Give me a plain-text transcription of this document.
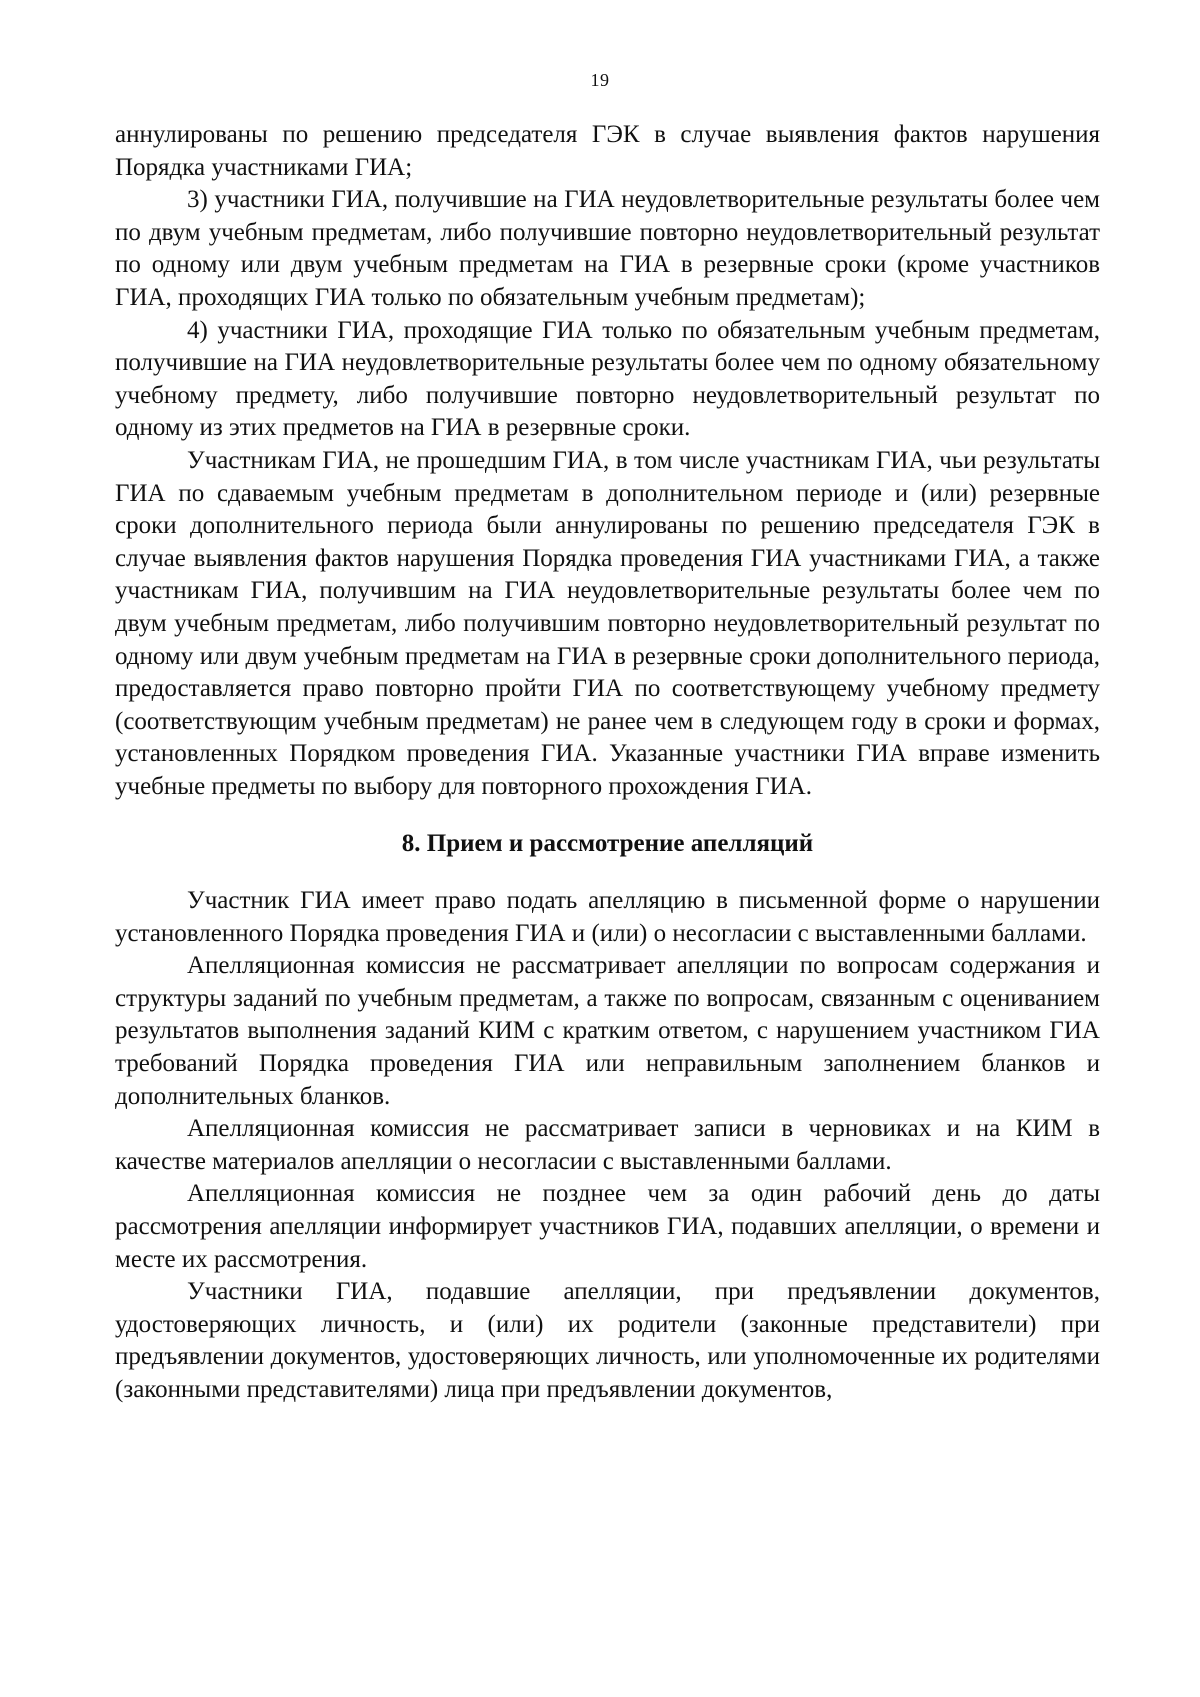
19

аннулированы по решению председателя ГЭК в случае выявления фактов нарушения Порядка участниками ГИА;

3) участники ГИА, получившие на ГИА неудовлетворительные результаты более чем по двум учебным предметам, либо получившие повторно неудовлетворительный результат по одному или двум учебным предметам на ГИА в резервные сроки (кроме участников ГИА, проходящих ГИА только по обязательным учебным предметам);

4) участники ГИА, проходящие ГИА только по обязательным учебным предметам, получившие на ГИА неудовлетворительные результаты более чем по одному обязательному учебному предмету, либо получившие повторно неудовлетворительный результат по одному из этих предметов на ГИА в резервные сроки.

Участникам ГИА, не прошедшим ГИА, в том числе участникам ГИА, чьи результаты ГИА по сдаваемым учебным предметам в дополнительном периоде и (или) резервные сроки дополнительного периода были аннулированы по решению председателя ГЭК в случае выявления фактов нарушения Порядка проведения ГИА участниками ГИА, а также участникам ГИА, получившим на ГИА неудовлетворительные результаты более чем по двум учебным предметам, либо получившим повторно неудовлетворительный результат по одному или двум учебным предметам на ГИА в резервные сроки дополнительного периода, предоставляется право повторно пройти ГИА по соответствующему учебному предмету (соответствующим учебным предметам) не ранее чем в следующем году в сроки и формах, установленных Порядком проведения ГИА. Указанные участники ГИА вправе изменить учебные предметы по выбору для повторного прохождения ГИА.

8. Прием и рассмотрение апелляций

Участник ГИА имеет право подать апелляцию в письменной форме о нарушении установленного Порядка проведения ГИА и (или) о несогласии с выставленными баллами.

Апелляционная комиссия не рассматривает апелляции по вопросам содержания и структуры заданий по учебным предметам, а также по вопросам, связанным с оцениванием результатов выполнения заданий КИМ с кратким ответом, с нарушением участником ГИА требований Порядка проведения ГИА или неправильным заполнением бланков и дополнительных бланков.

Апелляционная комиссия не рассматривает записи в черновиках и на КИМ в качестве материалов апелляции о несогласии с выставленными баллами.

Апелляционная комиссия не позднее чем за один рабочий день до даты рассмотрения апелляции информирует участников ГИА, подавших апелляции, о времени и месте их рассмотрения.

Участники ГИА, подавшие апелляции, при предъявлении документов, удостоверяющих личность, и (или) их родители (законные представители) при предъявлении документов, удостоверяющих личность, или уполномоченные их родителями (законными представителями) лица при предъявлении документов,
